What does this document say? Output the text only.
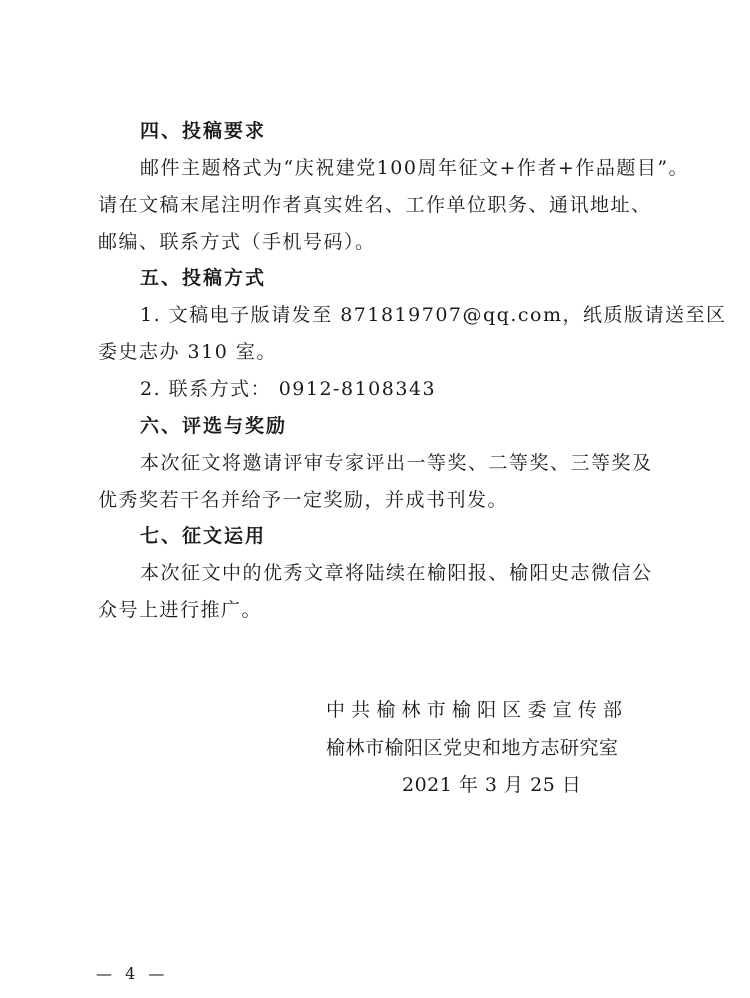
四、投稿要求
邮件主题格式为“庆祝建党100周年征文+作者+作品题目”。
请在文稿末尾注明作者真实姓名、工作单位职务、通讯地址、
邮编、联系方式（手机号码）。
五、投稿方式
1. 文稿电子版请发至 871819707@qq.com，纸质版请送至区
委史志办 310 室。
2. 联系方式： 0912-8108343
六、评选与奖励
本次征文将邀请评审专家评出一等奖、二等奖、三等奖及
优秀奖若干名并给予一定奖励，并成书刊发。
七、征文运用
本次征文中的优秀文章将陆续在榆阳报、榆阳史志微信公
众号上进行推广。
中共榆林市榆阳区委宣传部
榆林市榆阳区党史和地方志研究室
2021 年 3 月 25 日
— 4 —
